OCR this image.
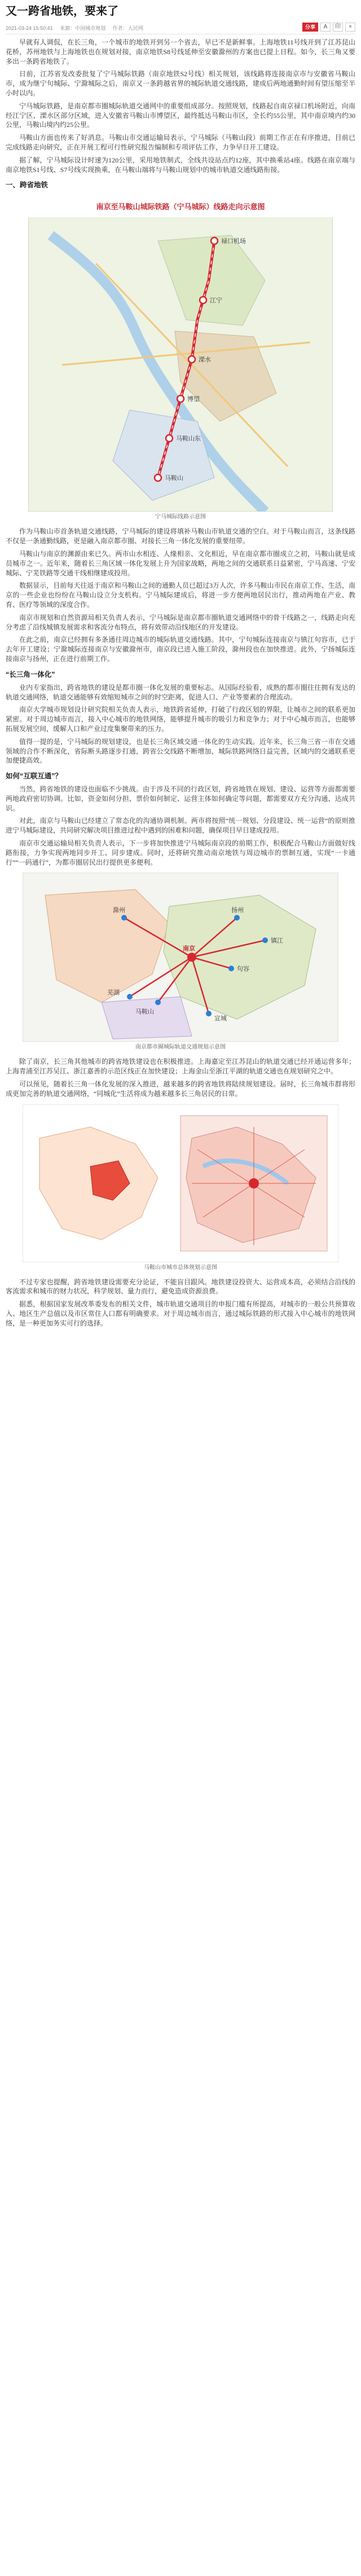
又一跨省地铁，要来了
2021-03-24 15:50:41 来源：中国城市规划 作者：人民网	分享	A	印	×

早就有人调侃，在长三角，一个城市的地铁开到另一个省去，早已不是新鲜事。上海地铁11号线开到了江苏昆山花桥，苏州地铁与上海地铁也在规划对接，南京地铁S8号线延伸至安徽滁州的方案也已提上日程。如今，长三角又要多出一条跨省地铁了。

日前，江苏省发改委批复了宁马城际铁路（南京地铁S2号线）相关规划，该线路将连接南京市与安徽省马鞍山市，成为继宁句城际、宁滁城际之后，南京又一条跨越省界的城际轨道交通线路，建成后两地通勤时间有望压缩至半小时以内。

宁马城际铁路，是南京都市圈城际轨道交通网中的重要组成部分。按照规划，线路起自南京禄口机场附近，向南经江宁区、溧水区部分区域，进入安徽省马鞍山市博望区，最终抵达马鞍山市区，全长约55公里，其中南京境内约30公里，马鞍山境内约25公里。

马鞍山方面也传来了好消息。马鞍山市交通运输局表示，宁马城际（马鞍山段）前期工作正在有序推进，目前已完成线路走向研究，正在开展工程可行性研究报告编制和专项评估工作，力争早日开工建设。

据了解，宁马城际设计时速为120公里，采用地铁制式，全线共设站点约12座，其中换乘站4座。线路在南京端与南京地铁S1号线、S7号线实现换乘，在马鞍山端将与马鞍山规划中的城市轨道交通线路衔接。

一、跨省地铁
南京至马鞍山城际铁路（宁马城际）线路走向示意图
禄口机场
江宁
溧水
博望
马鞍山东
马鞍山
宁马城际线路示意图

作为马鞍山市首条轨道交通线路，宁马城际的建设将填补马鞍山市轨道交通的空白。对于马鞍山而言，这条线路不仅是一条通勤线路，更是融入南京都市圈、对接长三角一体化发展的重要纽带。

马鞍山与南京的渊源由来已久。两市山水相连、人缘相亲、文化相近，早在南京都市圈成立之初，马鞍山就是成员城市之一。近年来，随着长三角区域一体化发展上升为国家战略，两地之间的交通联系日益紧密，宁马高速、宁安城际、宁芜铁路等交通干线相继建成投用。

数据显示，目前每天往返于南京和马鞍山之间的通勤人员已超过3万人次，许多马鞍山市民在南京工作、生活，南京的一些企业也纷纷在马鞍山设立分支机构。宁马城际建成后，将进一步方便两地居民出行，推动两地在产业、教育、医疗等领域的深度合作。

南京市规划和自然资源局相关负责人表示，宁马城际是南京都市圈轨道交通网络中的骨干线路之一，线路走向充分考虑了沿线城镇发展需求和客流分布特点，将有效带动沿线地区的开发建设。

在此之前，南京已经拥有多条通往周边城市的城际轨道交通线路。其中，宁句城际连接南京与镇江句容市，已于去年开工建设；宁滁城际连接南京与安徽滁州市，南京段已进入施工阶段，滁州段也在加快推进。此外，宁扬城际连接南京与扬州，正在进行前期工作。

“长三角一体化”

业内专家指出，跨省地铁的建设是都市圈一体化发展的重要标志。从国际经验看，成熟的都市圈往往拥有发达的轨道交通网络，轨道交通能够有效缩短城市之间的时空距离，促进人口、产业等要素的合理流动。

南京大学城市规划设计研究院相关负责人表示，地铁跨省延伸，打破了行政区划的界限，让城市之间的联系更加紧密。对于周边城市而言，接入中心城市的地铁网络，能够提升城市的吸引力和竞争力；对于中心城市而言，也能够拓展发展空间，缓解人口和产业过度集聚带来的压力。

值得一提的是，宁马城际的规划建设，也是长三角区域交通一体化的生动实践。近年来，长三角三省一市在交通领域的合作不断深化，省际断头路逐步打通，跨省公交线路不断增加，城际铁路网络日益完善，区域内的交通联系更加便捷高效。

如何“互联互通”？

当然，跨省地铁的建设也面临不少挑战。由于涉及不同的行政区划，跨省地铁在规划、建设、运营等方面都需要两地政府密切协调。比如，资金如何分担、票价如何制定、运营主体如何确定等问题，都需要双方充分沟通、达成共识。

对此，南京与马鞍山已经建立了常态化的沟通协调机制。两市将按照“统一规划、分段建设、统一运营”的原则推进宁马城际建设，共同研究解决项目推进过程中遇到的困难和问题，确保项目早日建成投用。

南京市交通运输局相关负责人表示，下一步将加快推进宁马城际南京段的前期工作，积极配合马鞍山方面做好线路衔接，力争实现两地同步开工、同步建成。同时，还将研究推动南京地铁与周边城市的票制互通，实现“一卡通行”“一码通行”，为都市圈居民出行提供更多便利。

滁州	扬州
镇江
南京
句容
马鞍山
芜湖
宣城
南京都市圈城际轨道交通规划示意图

除了南京，长三角其他城市的跨省地铁建设也在积极推进。上海嘉定至江苏昆山的轨道交通已经开通运营多年；上海青浦至江苏吴江、浙江嘉善的示范区线正在加快建设；上海金山至浙江平湖的轨道交通也在规划研究之中。

可以预见，随着长三角一体化发展的深入推进，越来越多的跨省地铁将陆续规划建设。届时，长三角城市群将形成更加完善的轨道交通网络，“同城化”生活将成为越来越多长三角居民的日常。

马鞍山市城市总体规划示意图

不过专家也提醒，跨省地铁建设需要充分论证，不能盲目跟风。地铁建设投资大、运营成本高，必须结合沿线的客流需求和城市的财力状况，科学规划、量力而行，避免造成资源浪费。

据悉，根据国家发展改革委发布的相关文件，城市轨道交通项目的申报门槛有所提高，对城市的一般公共预算收入、地区生产总值以及市区常住人口都有明确要求。对于周边城市而言，通过城际铁路的形式接入中心城市的地铁网络，是一种更加务实可行的选择。
